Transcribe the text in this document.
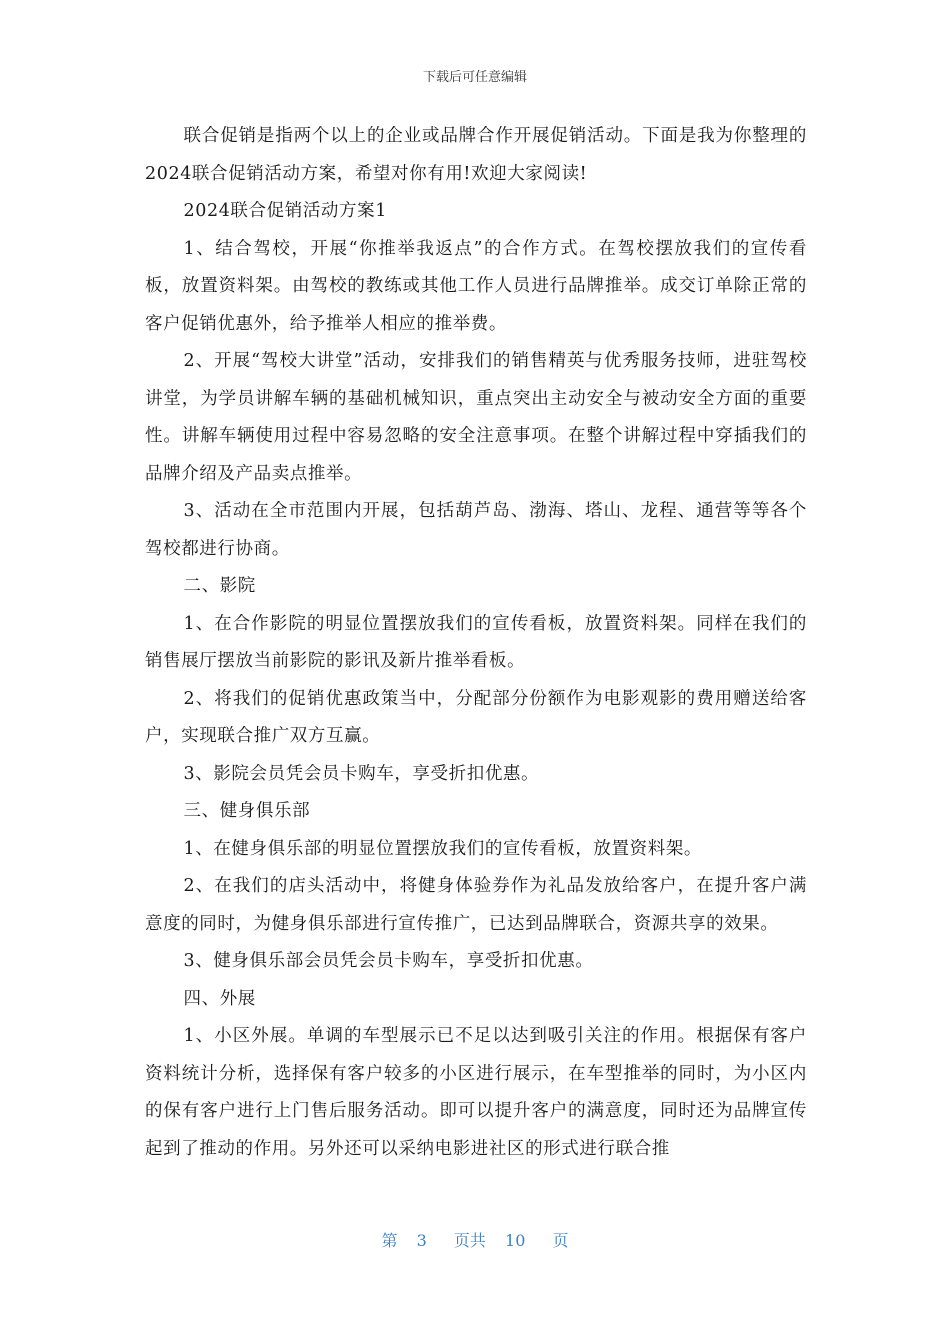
下载后可任意编辑

联合促销是指两个以上的企业或品牌合作开展促销活动。下面是我为你整理的2024联合促销活动方案，希望对你有用!欢迎大家阅读!

2024联合促销活动方案1

1、结合驾校，开展“你推举我返点”的合作方式。在驾校摆放我们的宣传看板，放置资料架。由驾校的教练或其他工作人员进行品牌推举。成交订单除正常的客户促销优惠外，给予推举人相应的推举费。

2、开展“驾校大讲堂”活动，安排我们的销售精英与优秀服务技师，进驻驾校讲堂，为学员讲解车辆的基础机械知识，重点突出主动安全与被动安全方面的重要性。讲解车辆使用过程中容易忽略的安全注意事项。在整个讲解过程中穿插我们的品牌介绍及产品卖点推举。

3、活动在全市范围内开展，包括葫芦岛、渤海、塔山、龙程、通营等等各个驾校都进行协商。

二、影院

1、在合作影院的明显位置摆放我们的宣传看板，放置资料架。同样在我们的销售展厅摆放当前影院的影讯及新片推举看板。

2、将我们的促销优惠政策当中，分配部分份额作为电影观影的费用赠送给客户，实现联合推广双方互赢。

3、影院会员凭会员卡购车，享受折扣优惠。

三、健身俱乐部

1、在健身俱乐部的明显位置摆放我们的宣传看板，放置资料架。

2、在我们的店头活动中，将健身体验券作为礼品发放给客户，在提升客户满意度的同时，为健身俱乐部进行宣传推广，已达到品牌联合，资源共享的效果。

3、健身俱乐部会员凭会员卡购车，享受折扣优惠。

四、外展

1、小区外展。单调的车型展示已不足以达到吸引关注的作用。根据保有客户资料统计分析，选择保有客户较多的小区进行展示，在车型推举的同时，为小区内的保有客户进行上门售后服务活动。即可以提升客户的满意度，同时还为品牌宣传起到了推动的作用。另外还可以采纳电影进社区的形式进行联合推

第 3 页共 10 页
